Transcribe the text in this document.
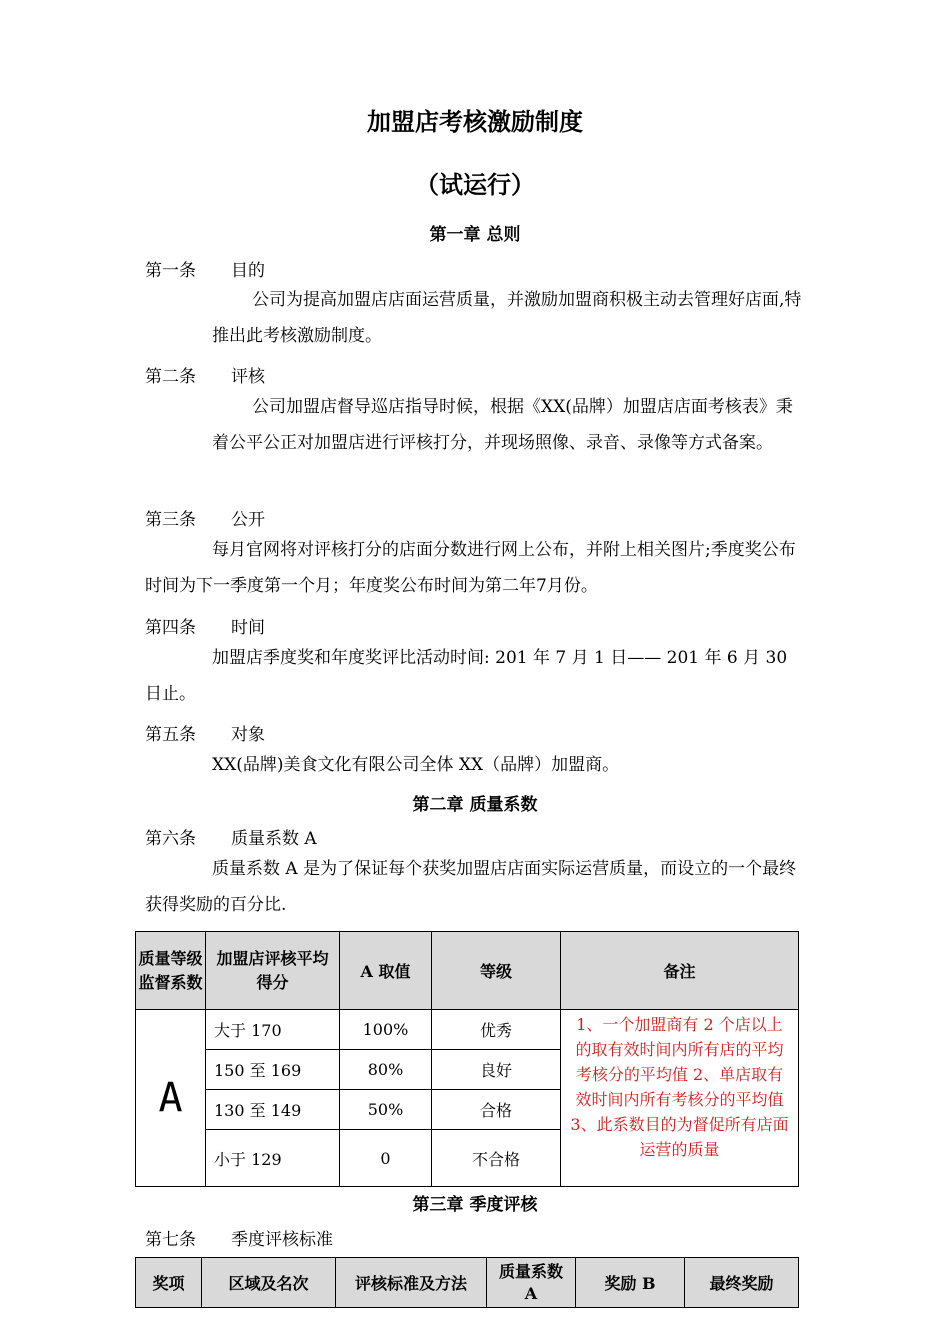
加盟店考核激励制度
（试运行）
第一章 总则
第一条 目的
公司为提高加盟店店面运营质量，并激励加盟商积极主动去管理好店面,特推出此考核激励制度。
第二条 评核
公司加盟店督导巡店指导时候，根据《XX(品牌）加盟店店面考核表》秉着公平公正对加盟店进行评核打分，并现场照像、录音、录像等方式备案。
第三条 公开
每月官网将对评核打分的店面分数进行网上公布，并附上相关图片;季度奖公布时间为下一季度第一个月；年度奖公布时间为第二年7月份。
第四条 时间
加盟店季度奖和年度奖评比活动时间: 201 年 7 月 1 日—— 201 年 6 月 30 日止。
第五条 对象
XX(品牌)美食文化有限公司全体 XX（品牌）加盟商。
第二章 质量系数
第六条 质量系数 A
质量系数 A 是为了保证每个获奖加盟店店面实际运营质量，而设立的一个最终获得奖励的百分比.
质量等级监督系数	加盟店评核平均得分	A 取值	等级	备注
A	大于 170	100%	优秀	1、一个加盟商有 2 个店以上的取有效时间内所有店的平均考核分的平均值 2、单店取有效时间内所有考核分的平均值 3、此系数目的为督促所有店面运营的质量
	150 至 169	80%	良好	
	130 至 149	50%	合格	
	小于 129	0	不合格	
第三章 季度评核
第七条 季度评核标准
奖项	区域及名次	评核标准及方法	质量系数 A	奖励 B	最终奖励
